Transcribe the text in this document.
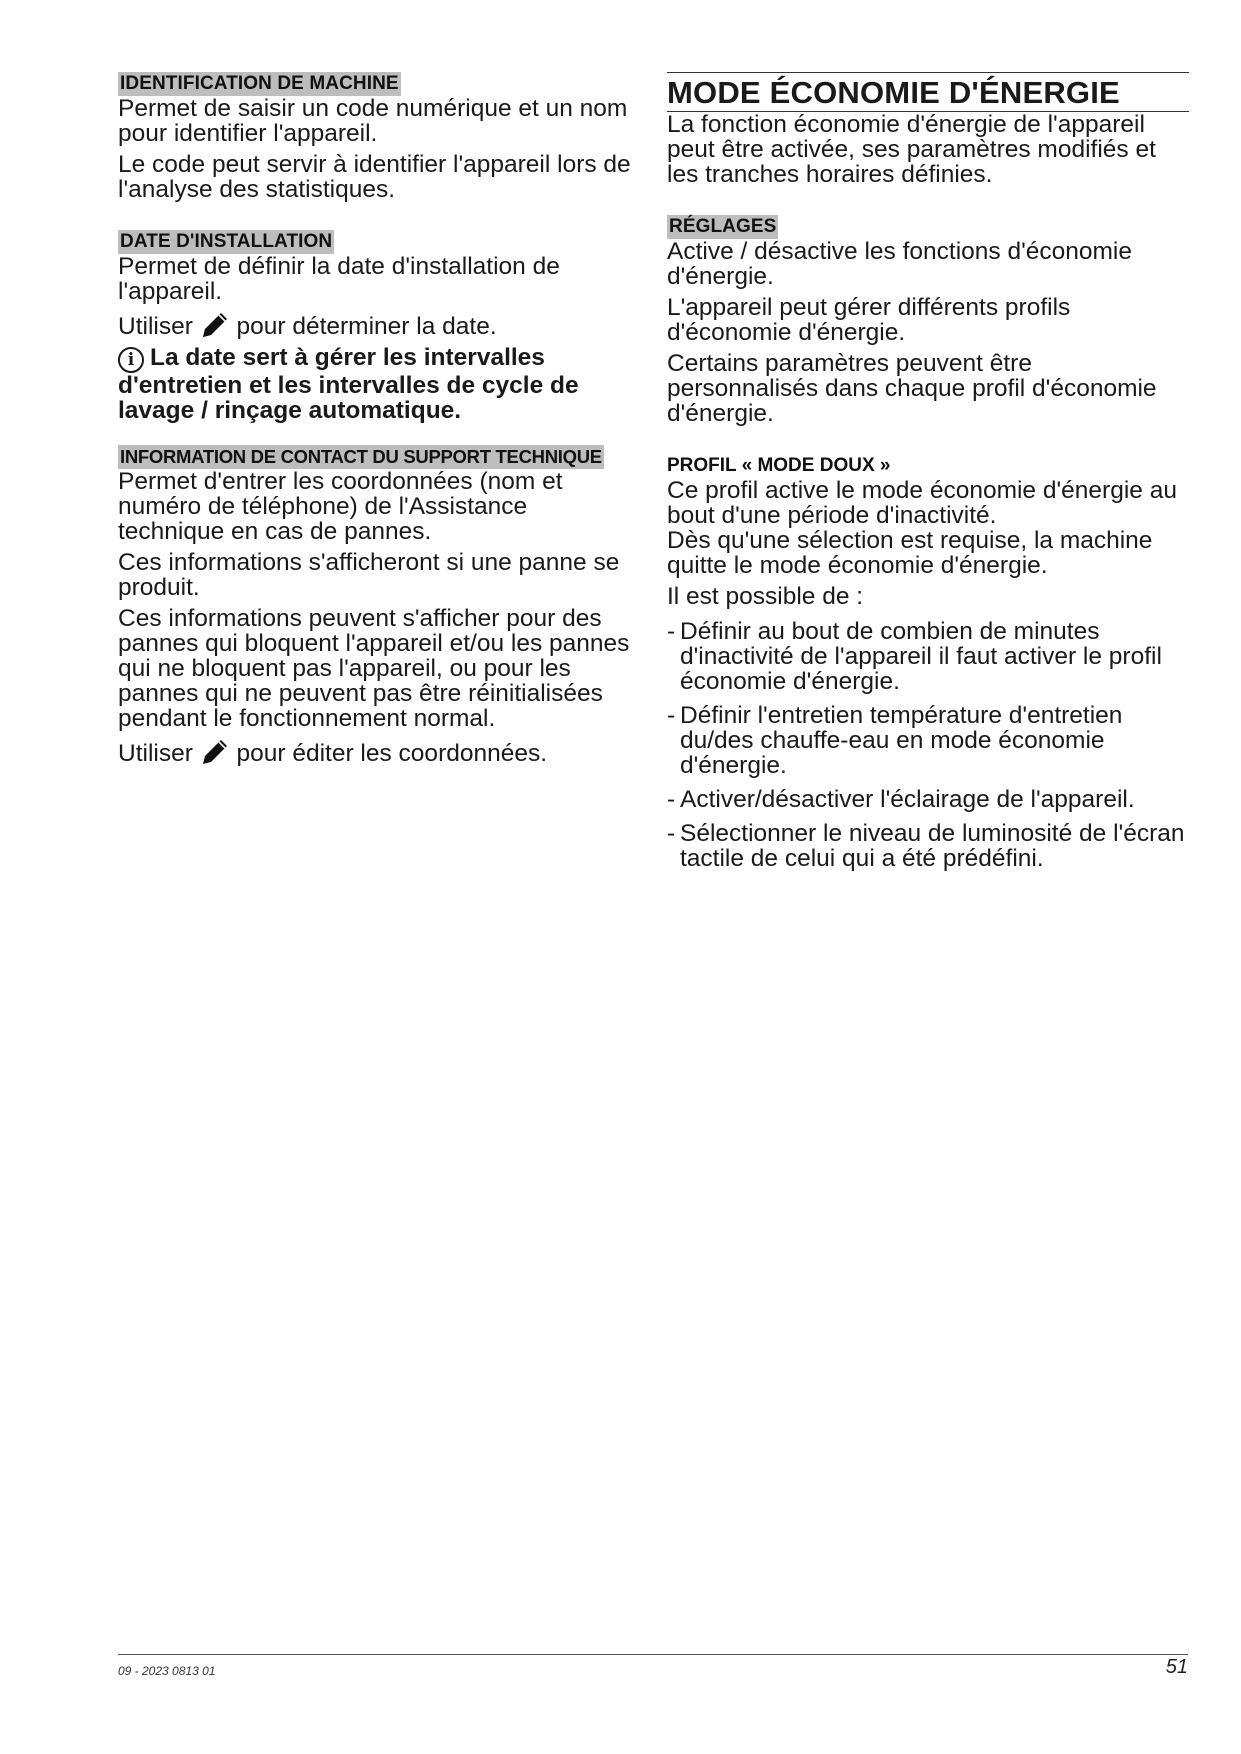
IDENTIFICATION DE MACHINE

Permet de saisir un code numérique et un nom pour identifier l'appareil.

Le code peut servir à identifier l'appareil lors de l'analyse des statistiques.

DATE D'INSTALLATION

Permet de définir la date d'installation de l'appareil.

Utiliser pour déterminer la date.

i La date sert à gérer les intervalles d'entretien et les intervalles de cycle de lavage / rinçage automatique.

INFORMATION DE CONTACT DU SUPPORT TECHNIQUE

Permet d'entrer les coordonnées (nom et numéro de téléphone) de l'Assistance technique en cas de pannes.

Ces informations s'afficheront si une panne se produit.

Ces informations peuvent s'afficher pour des pannes qui bloquent l'appareil et/ou les pannes qui ne bloquent pas l'appareil, ou pour les pannes qui ne peuvent pas être réinitialisées pendant le fonctionnement normal.

Utiliser pour éditer les coordonnées.

MODE ÉCONOMIE D'ÉNERGIE

La fonction économie d'énergie de l'appareil peut être activée, ses paramètres modifiés et les tranches horaires définies.

RÉGLAGES

Active / désactive les fonctions d'économie d'énergie.

L'appareil peut gérer différents profils d'économie d'énergie.

Certains paramètres peuvent être personnalisés dans chaque profil d'économie d'énergie.

PROFIL « MODE DOUX »

Ce profil active le mode économie d'énergie au bout d'une période d'inactivité.

Dès qu'une sélection est requise, la machine quitte le mode économie d'énergie.

Il est possible de :

- Définir au bout de combien de minutes d'inactivité de l'appareil il faut activer le profil économie d'énergie.
- Définir l'entretien température d'entretien du/des chauffe-eau en mode économie d'énergie.
- Activer/désactiver l'éclairage de l'appareil.
- Sélectionner le niveau de luminosité de l'écran tactile de celui qui a été prédéfini.
09 - 2023 0813 01	51
